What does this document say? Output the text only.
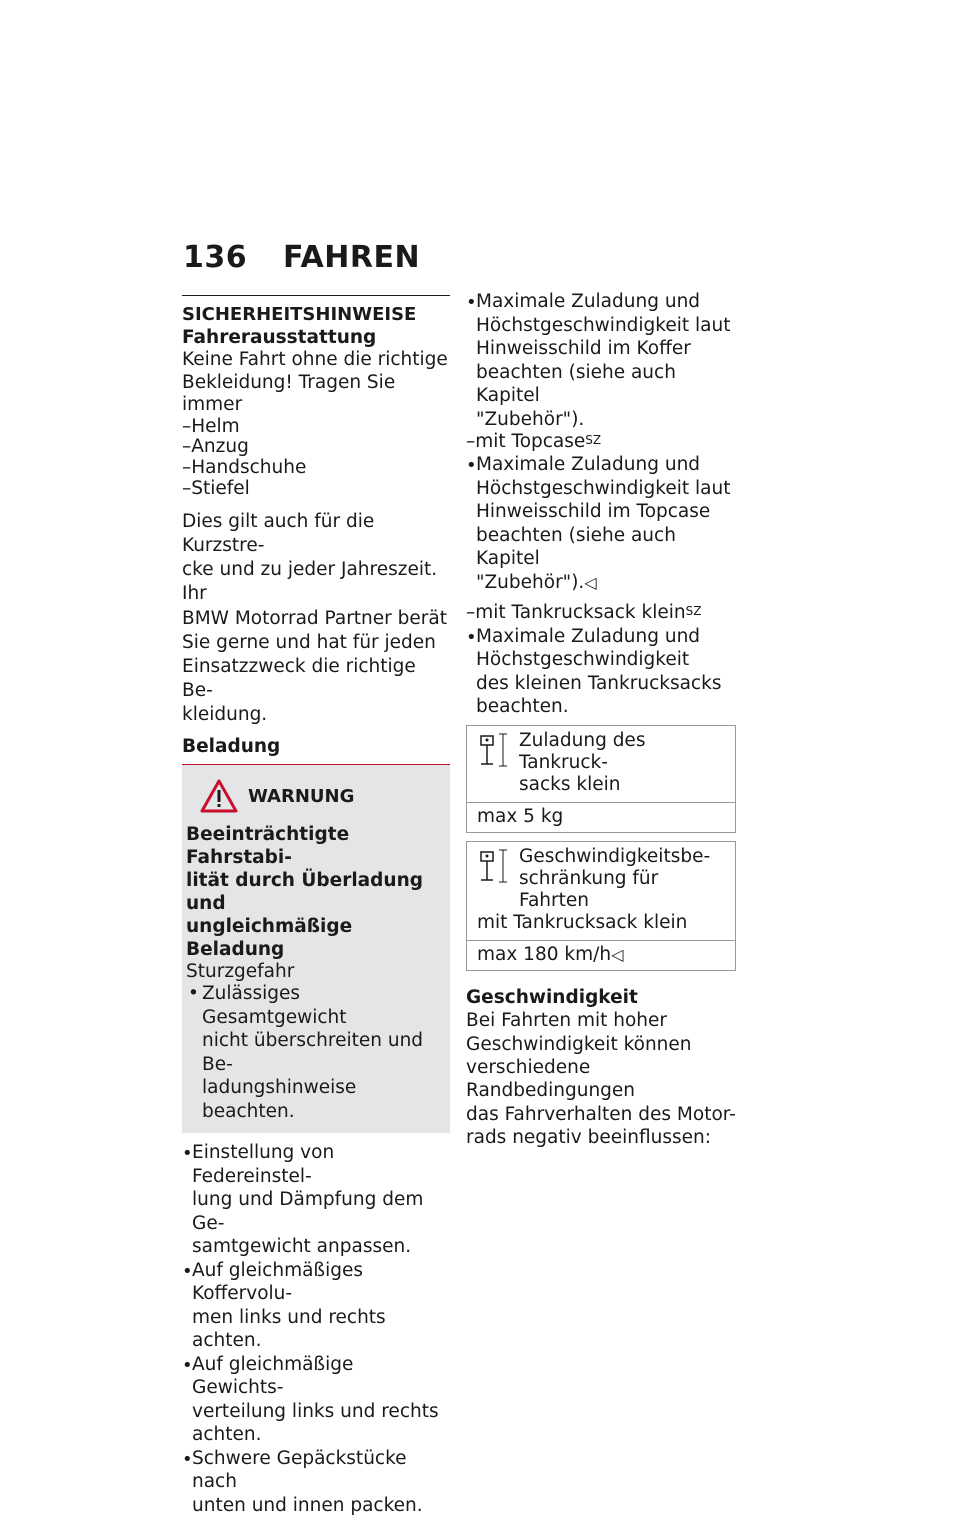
136 FAHREN
SICHERHEITSHINWEISE
Fahrerausstattung
Keine Fahrt ohne die richtige
Bekleidung! Tragen Sie immer
–Helm
–Anzug
–Handschuhe
–Stiefel
Dies gilt auch für die Kurzstre-
cke und zu jeder Jahreszeit. Ihr
BMW Motorrad Partner berät
Sie gerne und hat für jeden
Einsatzzweck die richtige Be-
kleidung.
Beladung
WARNUNG
Beeinträchtigte Fahrstabi-
lität durch Überladung und
ungleichmäßige Beladung
Sturzgefahr
• Zulässiges Gesamtgewicht
nicht überschreiten und Be-
ladungshinweise beachten.
• Einstellung von Federeinstel-
lung und Dämpfung dem Ge-
samtgewicht anpassen.
• Auf gleichmäßiges Koffervolu-
men links und rechts achten.
• Auf gleichmäßige Gewichts-
verteilung links und rechts
achten.
• Schwere Gepäckstücke nach
unten und innen packen.
• Maximale Zuladung und
Höchstgeschwindigkeit laut
Hinweisschild im Koffer
beachten (siehe auch Kapitel
"Zubehör").
–mit Topcase$^{SZ}$
• Maximale Zuladung und
Höchstgeschwindigkeit laut
Hinweisschild im Topcase
beachten (siehe auch Kapitel
"Zubehör").◁
–mit Tankrucksack klein$^{SZ}$
• Maximale Zuladung und
Höchstgeschwindigkeit
des kleinen Tankrucksacks
beachten.
Zuladung des Tankruck-
sacks klein
max 5 kg
Geschwindigkeitsbe-
schränkung für Fahrten
mit Tankrucksack klein
max 180 km/h◁
Geschwindigkeit
Bei Fahrten mit hoher
Geschwindigkeit können
verschiedene Randbedingungen
das Fahrverhalten des Motor-
rads negativ beeinflussen:
